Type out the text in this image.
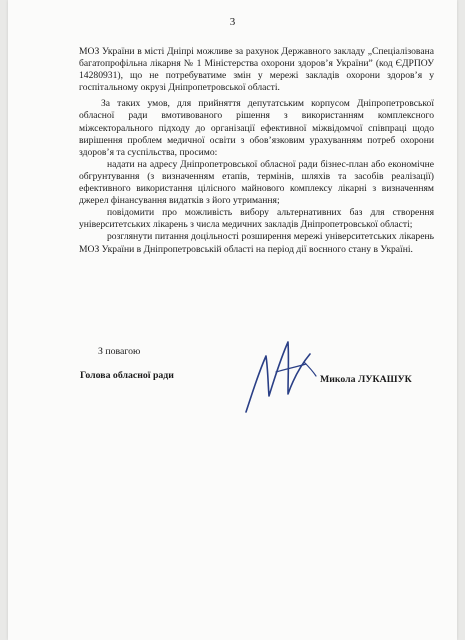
3

МОЗ України в місті Дніпрі можливе за рахунок Державного закладу „Спеціалізована багатопрофільна лікарня № 1 Міністерства охорони здоров’я України” (код ЄДРПОУ 14280931), що не потребуватиме змін у мережі закладів охорони здоров’я у госпітальному окрузі Дніпропетровської області.

За таких умов, для прийняття депутатським корпусом Дніпропетровської обласної ради вмотивованого рішення з використанням комплексного міжсекторального підходу до організації ефективної міжвідомчої співпраці щодо вирішення проблем медичної освіти з обов’язковим урахуванням потреб охорони здоров’я та суспільства, просимо:

надати на адресу Дніпропетровської обласної ради бізнес-план або економічне обгрунтування (з визначенням етапів, термінів, шляхів та засобів реалізації) ефективного використання цілісного майнового комплексу лікарні з визначенням джерел фінансування видатків з його утримання;

повідомити про можливість вибору альтернативних баз для створення університетських лікарень з числа медичних закладів Дніпропетровської області;

розглянути питання доцільності розширення мережі університетських лікарень МОЗ України в Дніпропетровській області на період дії воєнного стану в Україні.

З повагою
Голова обласної ради	Микола ЛУКАШУК
